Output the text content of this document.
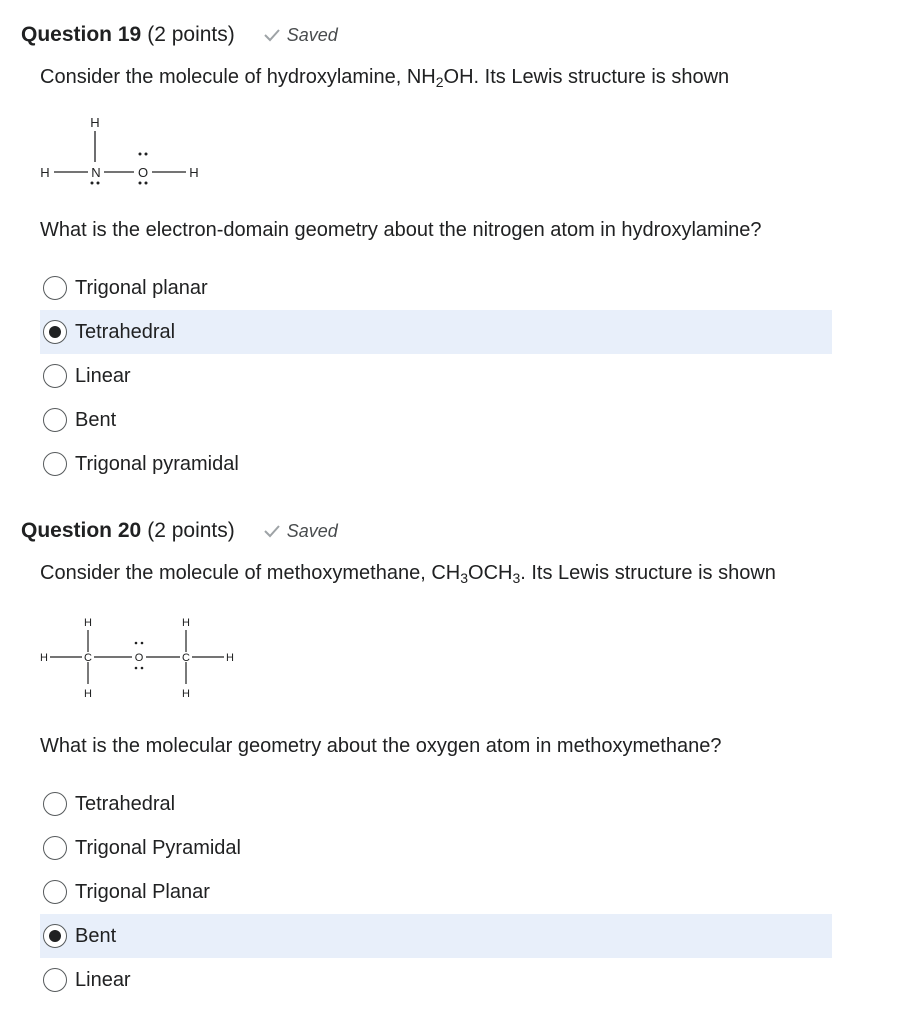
Question 19 (2 points)	Saved
Consider the molecule of hydroxylamine, $NH_2OH$. Its Lewis structure is shown
H
H	N	O	H
What is the electron-domain geometry about the nitrogen atom in hydroxylamine?
Trigonal planar
Tetrahedral
Linear
Bent
Trigonal pyramidal
Question 20 (2 points)	Saved
Consider the molecule of methoxymethane, $CH_3OCH_3$. Its Lewis structure is shown
H	H
H	C	O	C	H
H	H
What is the molecular geometry about the oxygen atom in methoxymethane?
Tetrahedral
Trigonal Pyramidal
Trigonal Planar
Bent
Linear
